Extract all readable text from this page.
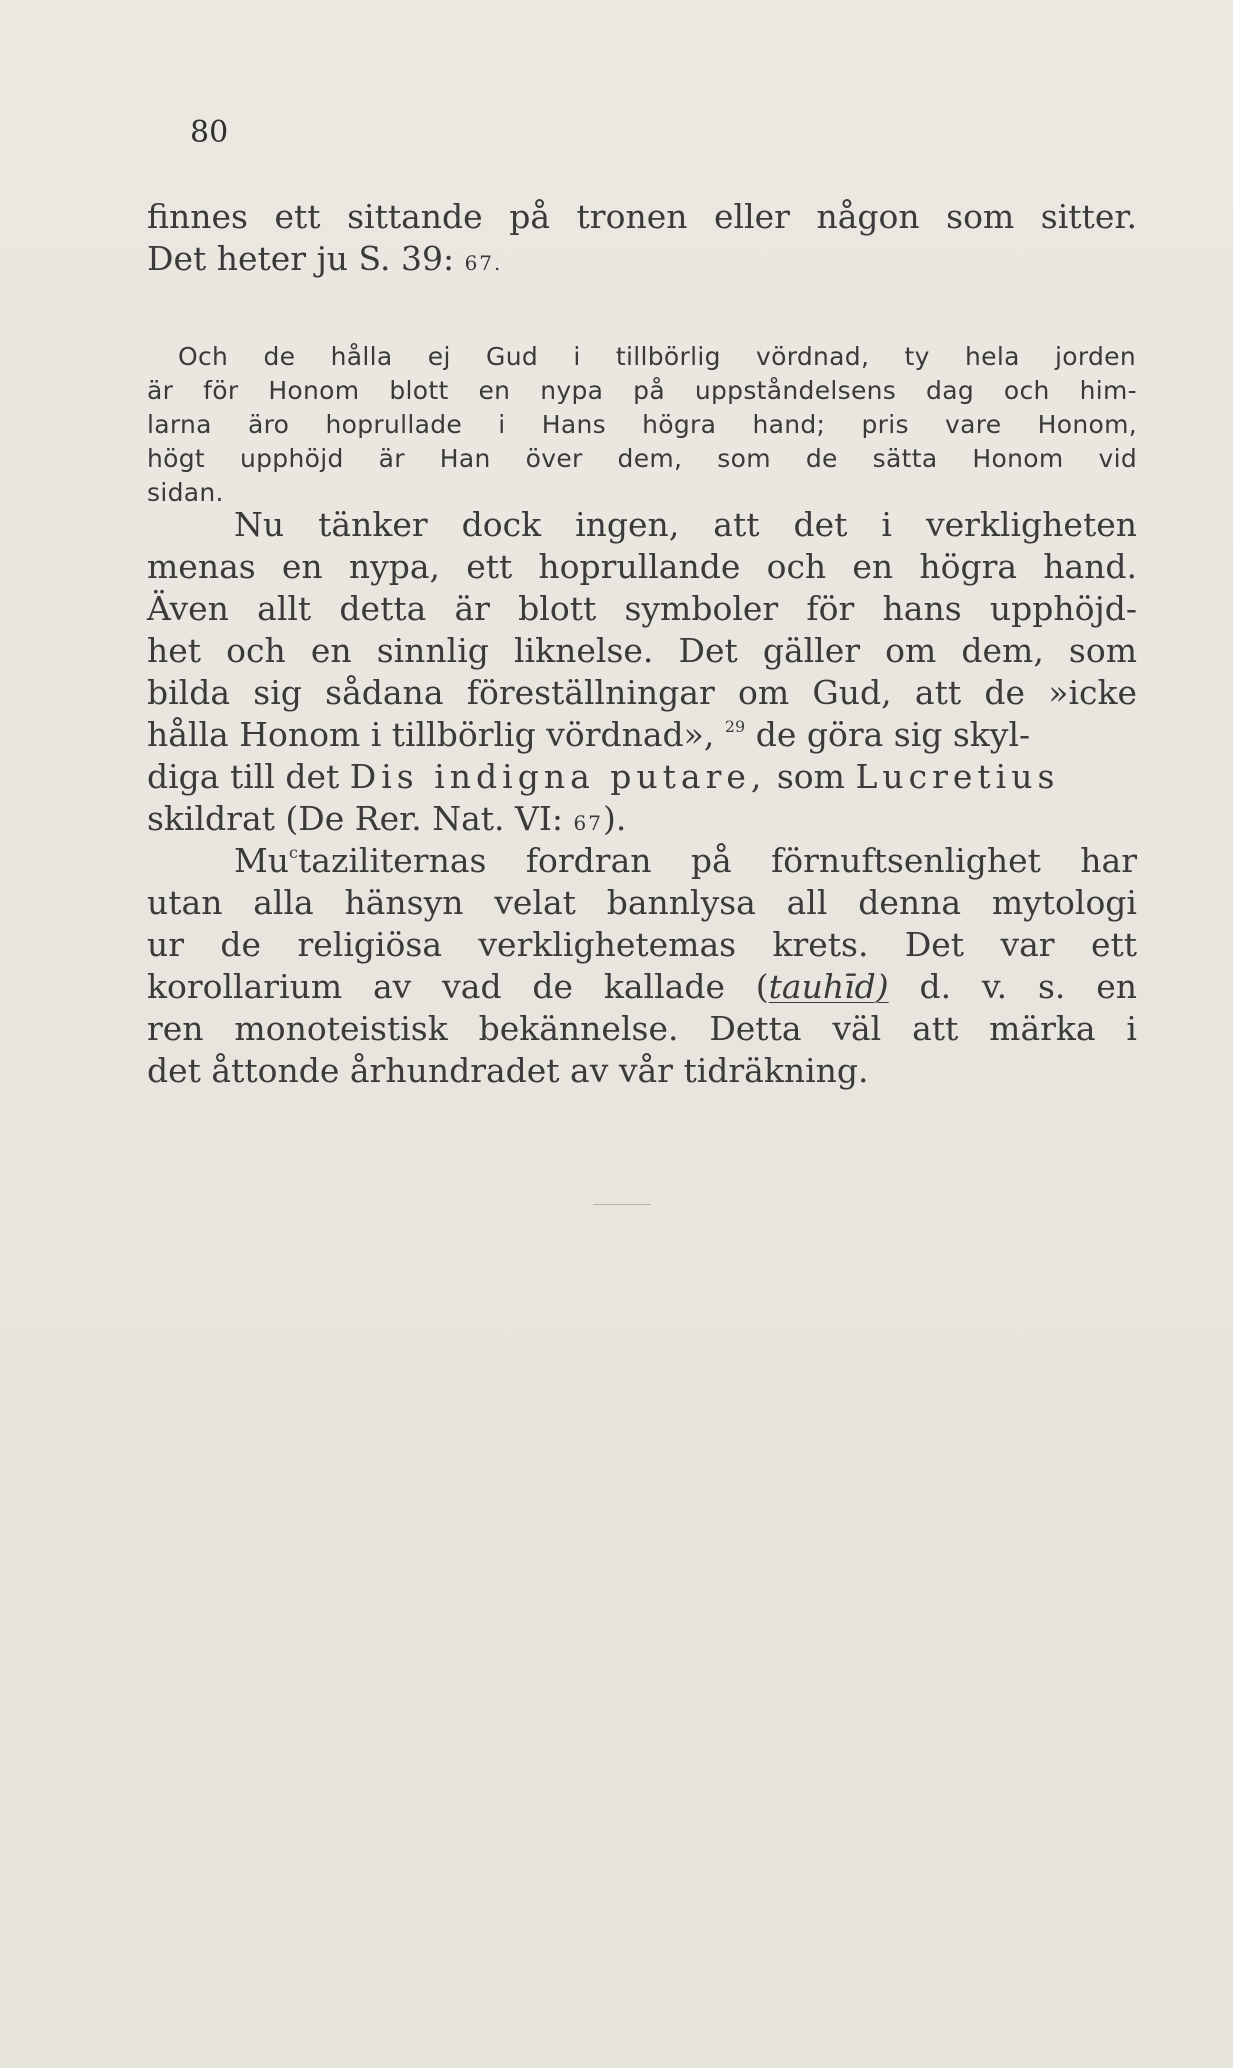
80
finnes ett sittande på tronen eller någon som sitter.
Det heter ju S. 39: 67.
Och de hålla ej Gud i tillbörlig vördnad, ty hela jorden
är för Honom blott en nypa på uppståndelsens dag och him-
larna äro hoprullade i Hans högra hand; pris vare Honom,
högt upphöjd är Han över dem, som de sätta Honom vid
sidan.
Nu tänker dock ingen, att det i verkligheten
menas en nypa, ett hoprullande och en högra hand.
Även allt detta är blott symboler för hans upphöjd-
het och en sinnlig liknelse. Det gäller om dem, som
bilda sig sådana föreställningar om Gud, att de »icke
hålla Honom i tillbörlig vördnad», $^{29}$ de göra sig skyl-
diga till det Dis indigna putare, som Lucretius
skildrat (De Rer. Nat. VI: 67).
Mu$^c$taziliternas fordran på förnuftsenlighet har
utan alla hänsyn velat bannlysa all denna mytologi
ur de religiösa verklighetemas krets. Det var ett
korollarium av vad de kallade (tauhīd) d. v. s. en
ren monoteistisk bekännelse. Detta väl att märka i
det åttonde århundradet av vår tidräkning.
